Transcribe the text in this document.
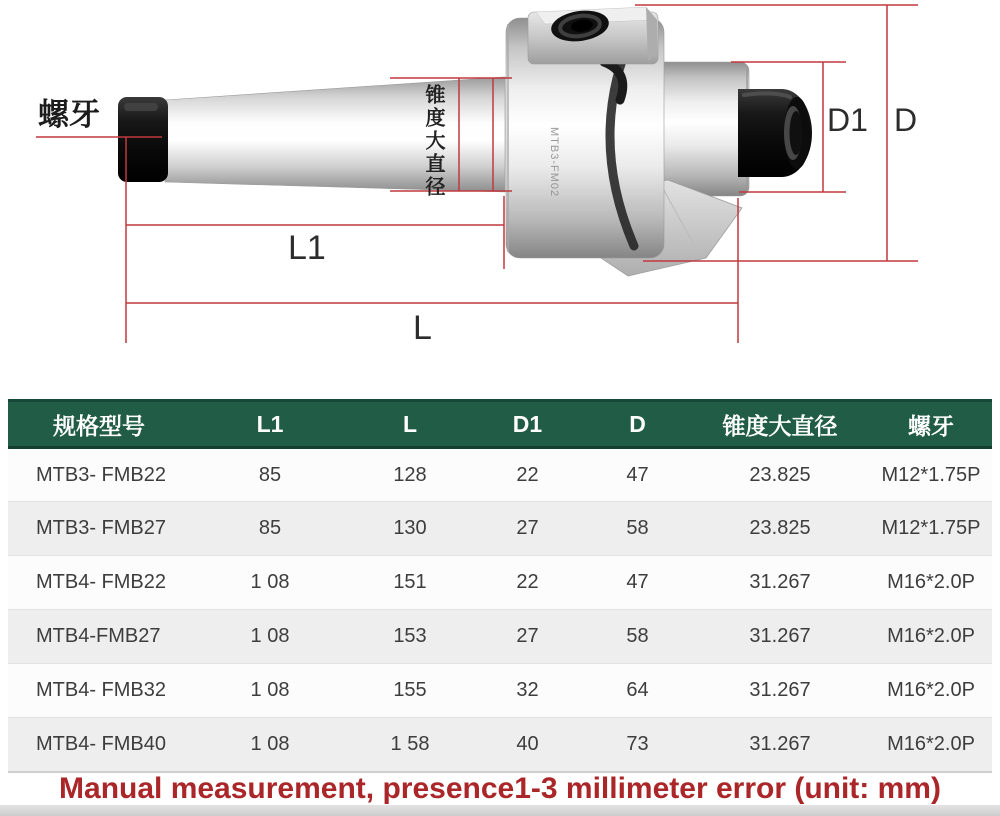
螺牙	锥度大直径
L1
L
D1 D
MTB3-FM02
规格型号	L1	L	D1	D	锥度大直径	螺牙
MTB3- FMB22	85	128	22	47	23.825	M12*1.75P
MTB3- FMB27	85	130	27	58	23.825	M12*1.75P
MTB4- FMB22	1 08	151	22	47	31.267	M16*2.0P
MTB4-FMB27	1 08	153	27	58	31.267	M16*2.0P
MTB4- FMB32	1 08	155	32	64	31.267	M16*2.0P
MTB4- FMB40	1 08	1 58	40	73	31.267	M16*2.0P
Manual measurement, presence1-3 millimeter error (unit: mm)
